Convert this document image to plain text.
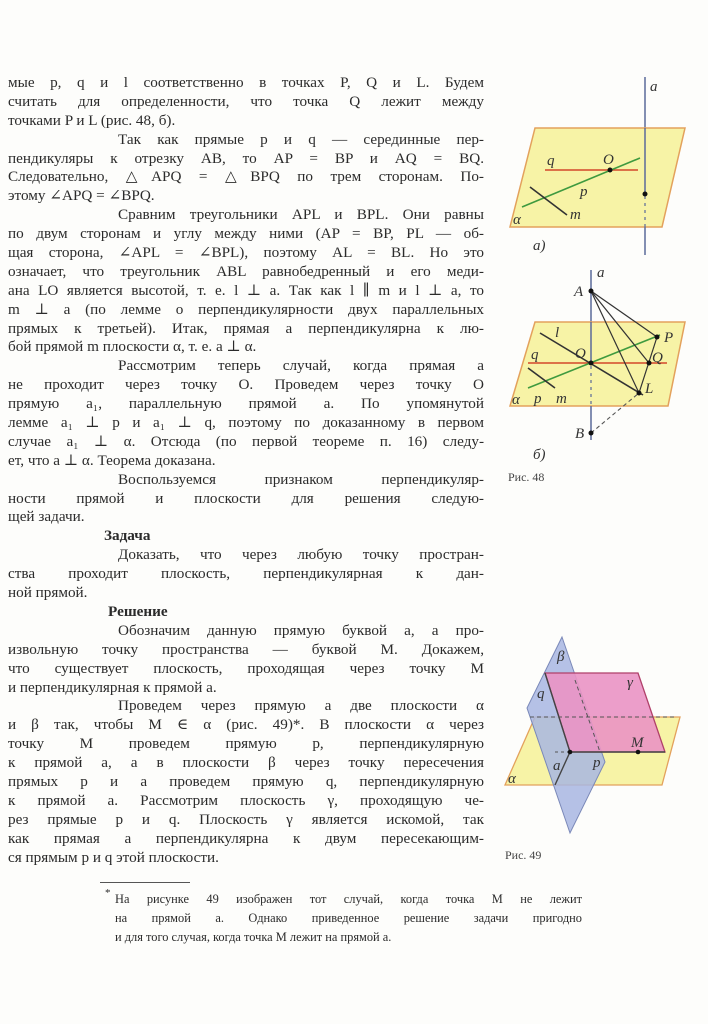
мые p, q и l соответственно в точках P, Q и L. Будем
считать для определенности, что точка Q лежит между
точками P и L (рис. 48, б).
Так как прямые p и q — серединные пер-
пендикуляры к отрезку AB, то AP = BP и AQ = BQ.
Следовательно, △APQ = △BPQ по трем сторонам. По-
этому ∠APQ = ∠BPQ.
Сравним треугольники APL и BPL. Они равны
по двум сторонам и углу между ними (AP = BP, PL — об-
щая сторона, ∠APL = ∠BPL), поэтому AL = BL. Но это
означает, что треугольник ABL равнобедренный и его меди-
ана LO является высотой, т. е. l ⊥ a. Так как l ∥ m и l ⊥ a, то
m ⊥ a (по лемме о перпендикулярности двух параллельных
прямых к третьей). Итак, прямая a перпендикулярна к лю-
бой прямой m плоскости α, т. е. a ⊥ α.
Рассмотрим теперь случай, когда прямая a
не проходит через точку O. Проведем через точку O
прямую a₁, параллельную прямой a. По упомянутой
лемме a₁ ⊥ p и a₁ ⊥ q, поэтому по доказанному в первом
случае a₁ ⊥ α. Отсюда (по первой теореме п. 16) следу-
ет, что a ⊥ α. Теорема доказана.
Воспользуемся признаком перпендикуляр-
ности прямой и плоскости для решения следую-
щей задачи.
Задача
Доказать, что через любую точку простран-
ства проходит плоскость, перпендикулярная к дан-
ной прямой.
Решение
Обозначим данную прямую буквой a, а про-
извольную точку пространства — буквой M. Докажем,
что существует плоскость, проходящая через точку M
и перпендикулярная к прямой a.
Проведем через прямую a две плоскости α
и β так, чтобы M ∈ α (рис. 49)*. В плоскости α через
точку M проведем прямую p, перпендикулярную
к прямой a, а в плоскости β через точку пересечения
прямых p и a проведем прямую q, перпендикулярную
к прямой a. Рассмотрим плоскость γ, проходящую че-
рез прямые p и q. Плоскость γ является искомой, так
как прямая a перпендикулярна к двум пересекающим-
ся прямым p и q этой плоскости.
* На рисунке 49 изображен тот случай, когда точка M не лежит
на прямой a. Однако приведенное решение задачи пригодно
и для того случая, когда точка M лежит на прямой a.
a
q	O
p
m
α
а)
a
A
l
O
q
P
Q
L
α p m
B
б)
Рис. 48
β
γ
q
M
a p
α
Рис. 49
